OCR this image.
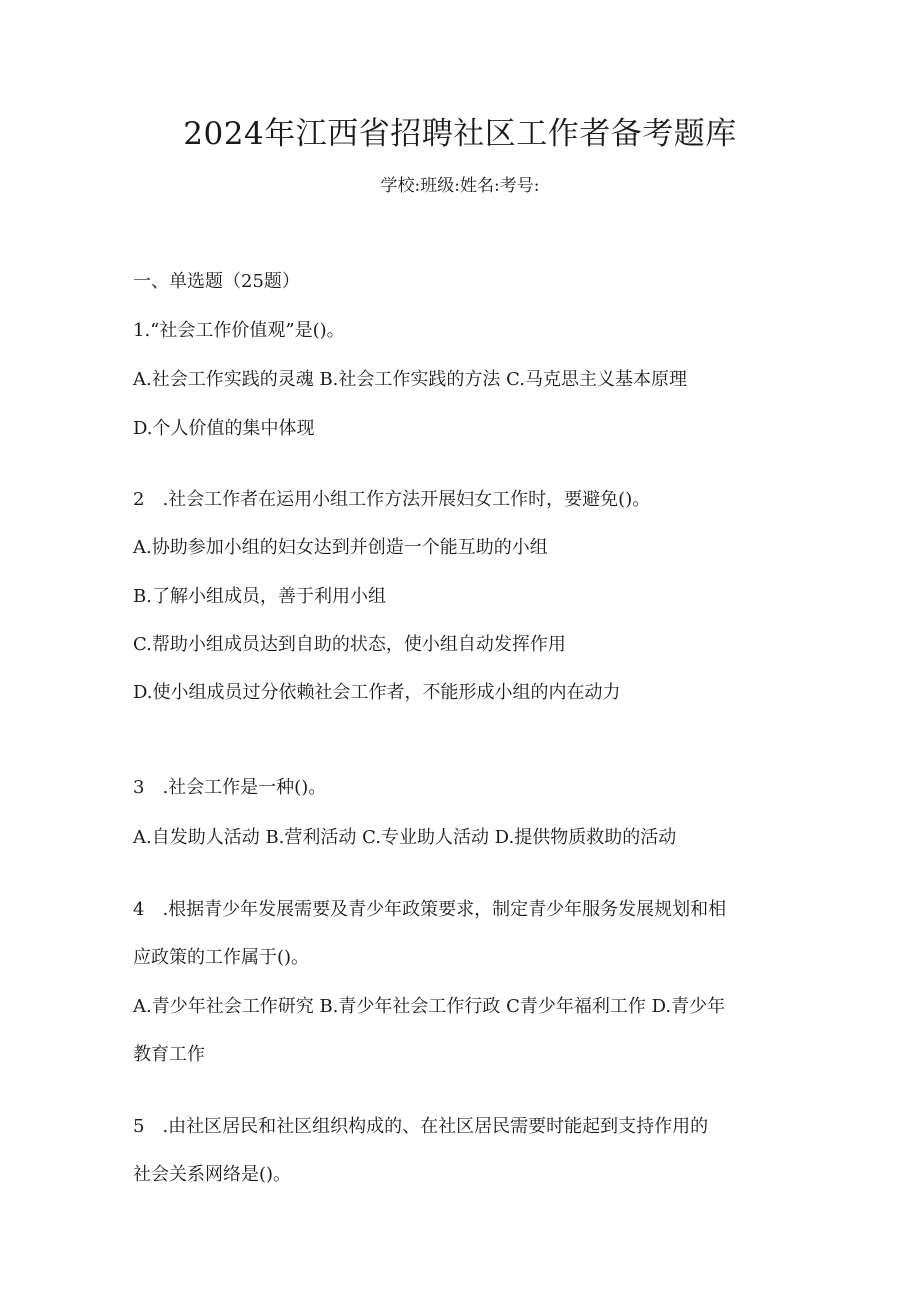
2024年江西省招聘社区工作者备考题库
学校:班级:姓名:考号:
一、单选题（25题）
1.“社会工作价值观”是()。
A.社会工作实践的灵魂 B.社会工作实践的方法 C.马克思主义基本原理
D.个人价值的集中体现
2　.社会工作者在运用小组工作方法开展妇女工作时，要避免()。
A.协助参加小组的妇女达到并创造一个能互助的小组
B.了解小组成员，善于利用小组
C.帮助小组成员达到自助的状态，使小组自动发挥作用
D.使小组成员过分依赖社会工作者，不能形成小组的内在动力
3　.社会工作是一种()。
A.自发助人活动 B.营利活动 C.专业助人活动 D.提供物质救助的活动
4　.根据青少年发展需要及青少年政策要求，制定青少年服务发展规划和相
应政策的工作属于()。
A.青少年社会工作研究 B.青少年社会工作行政 C青少年福利工作 D.青少年
教育工作
5　.由社区居民和社区组织构成的、在社区居民需要时能起到支持作用的
社会关系网络是()。
